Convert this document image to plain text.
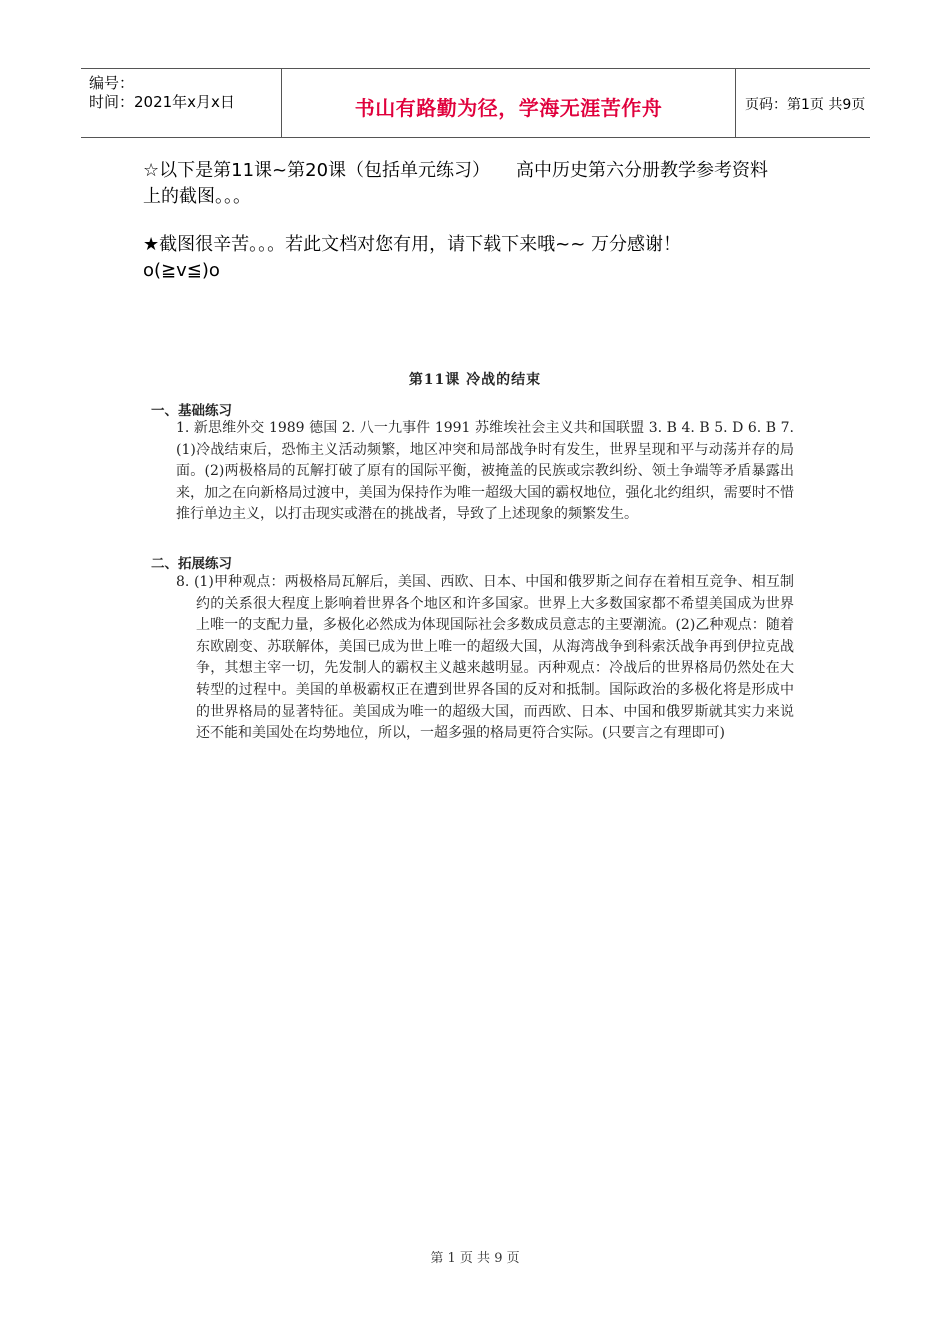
编号：
时间：2021年x月x日	书山有路勤为径，学海无涯苦作舟	页码：第1页 共9页
☆以下是第11课~第20课（包括单元练习） 高中历史第六分册教学参考资料
上的截图。。。
★截图很辛苦。。。若此文档对您有用，请下载下来哦~~ 万分感谢！
o(≧v≦)o
第11课 冷战的结束
一、基础练习
1. 新思维外交 1989 德国 2. 八一九事件 1991 苏维埃社会主义共和国联盟 3. B 4. B 5. D 6. B 7. (1)冷战结束后，恐怖主义活动频繁，地区冲突和局部战争时有发生，世界呈现和平与动荡并存的局面。(2)两极格局的瓦解打破了原有的国际平衡，被掩盖的民族或宗教纠纷、领土争端等矛盾暴露出来，加之在向新格局过渡中，美国为保持作为唯一超级大国的霸权地位，强化北约组织，需要时不惜推行单边主义，以打击现实或潜在的挑战者，导致了上述现象的频繁发生。
二、拓展练习
8. (1)甲种观点：两极格局瓦解后，美国、西欧、日本、中国和俄罗斯之间存在着相互竞争、相互制约的关系很大程度上影响着世界各个地区和许多国家。世界上大多数国家都不希望美国成为世界上唯一的支配力量，多极化必然成为体现国际社会多数成员意志的主要潮流。(2)乙种观点：随着东欧剧变、苏联解体，美国已成为世上唯一的超级大国，从海湾战争到科索沃战争再到伊拉克战争，其想主宰一切，先发制人的霸权主义越来越明显。丙种观点：冷战后的世界格局仍然处在大转型的过程中。美国的单极霸权正在遭到世界各国的反对和抵制。国际政治的多极化将是形成中的世界格局的显著特征。美国成为唯一的超级大国，而西欧、日本、中国和俄罗斯就其实力来说还不能和美国处在均势地位，所以，一超多强的格局更符合实际。(只要言之有理即可)
第 1 页 共 9 页
